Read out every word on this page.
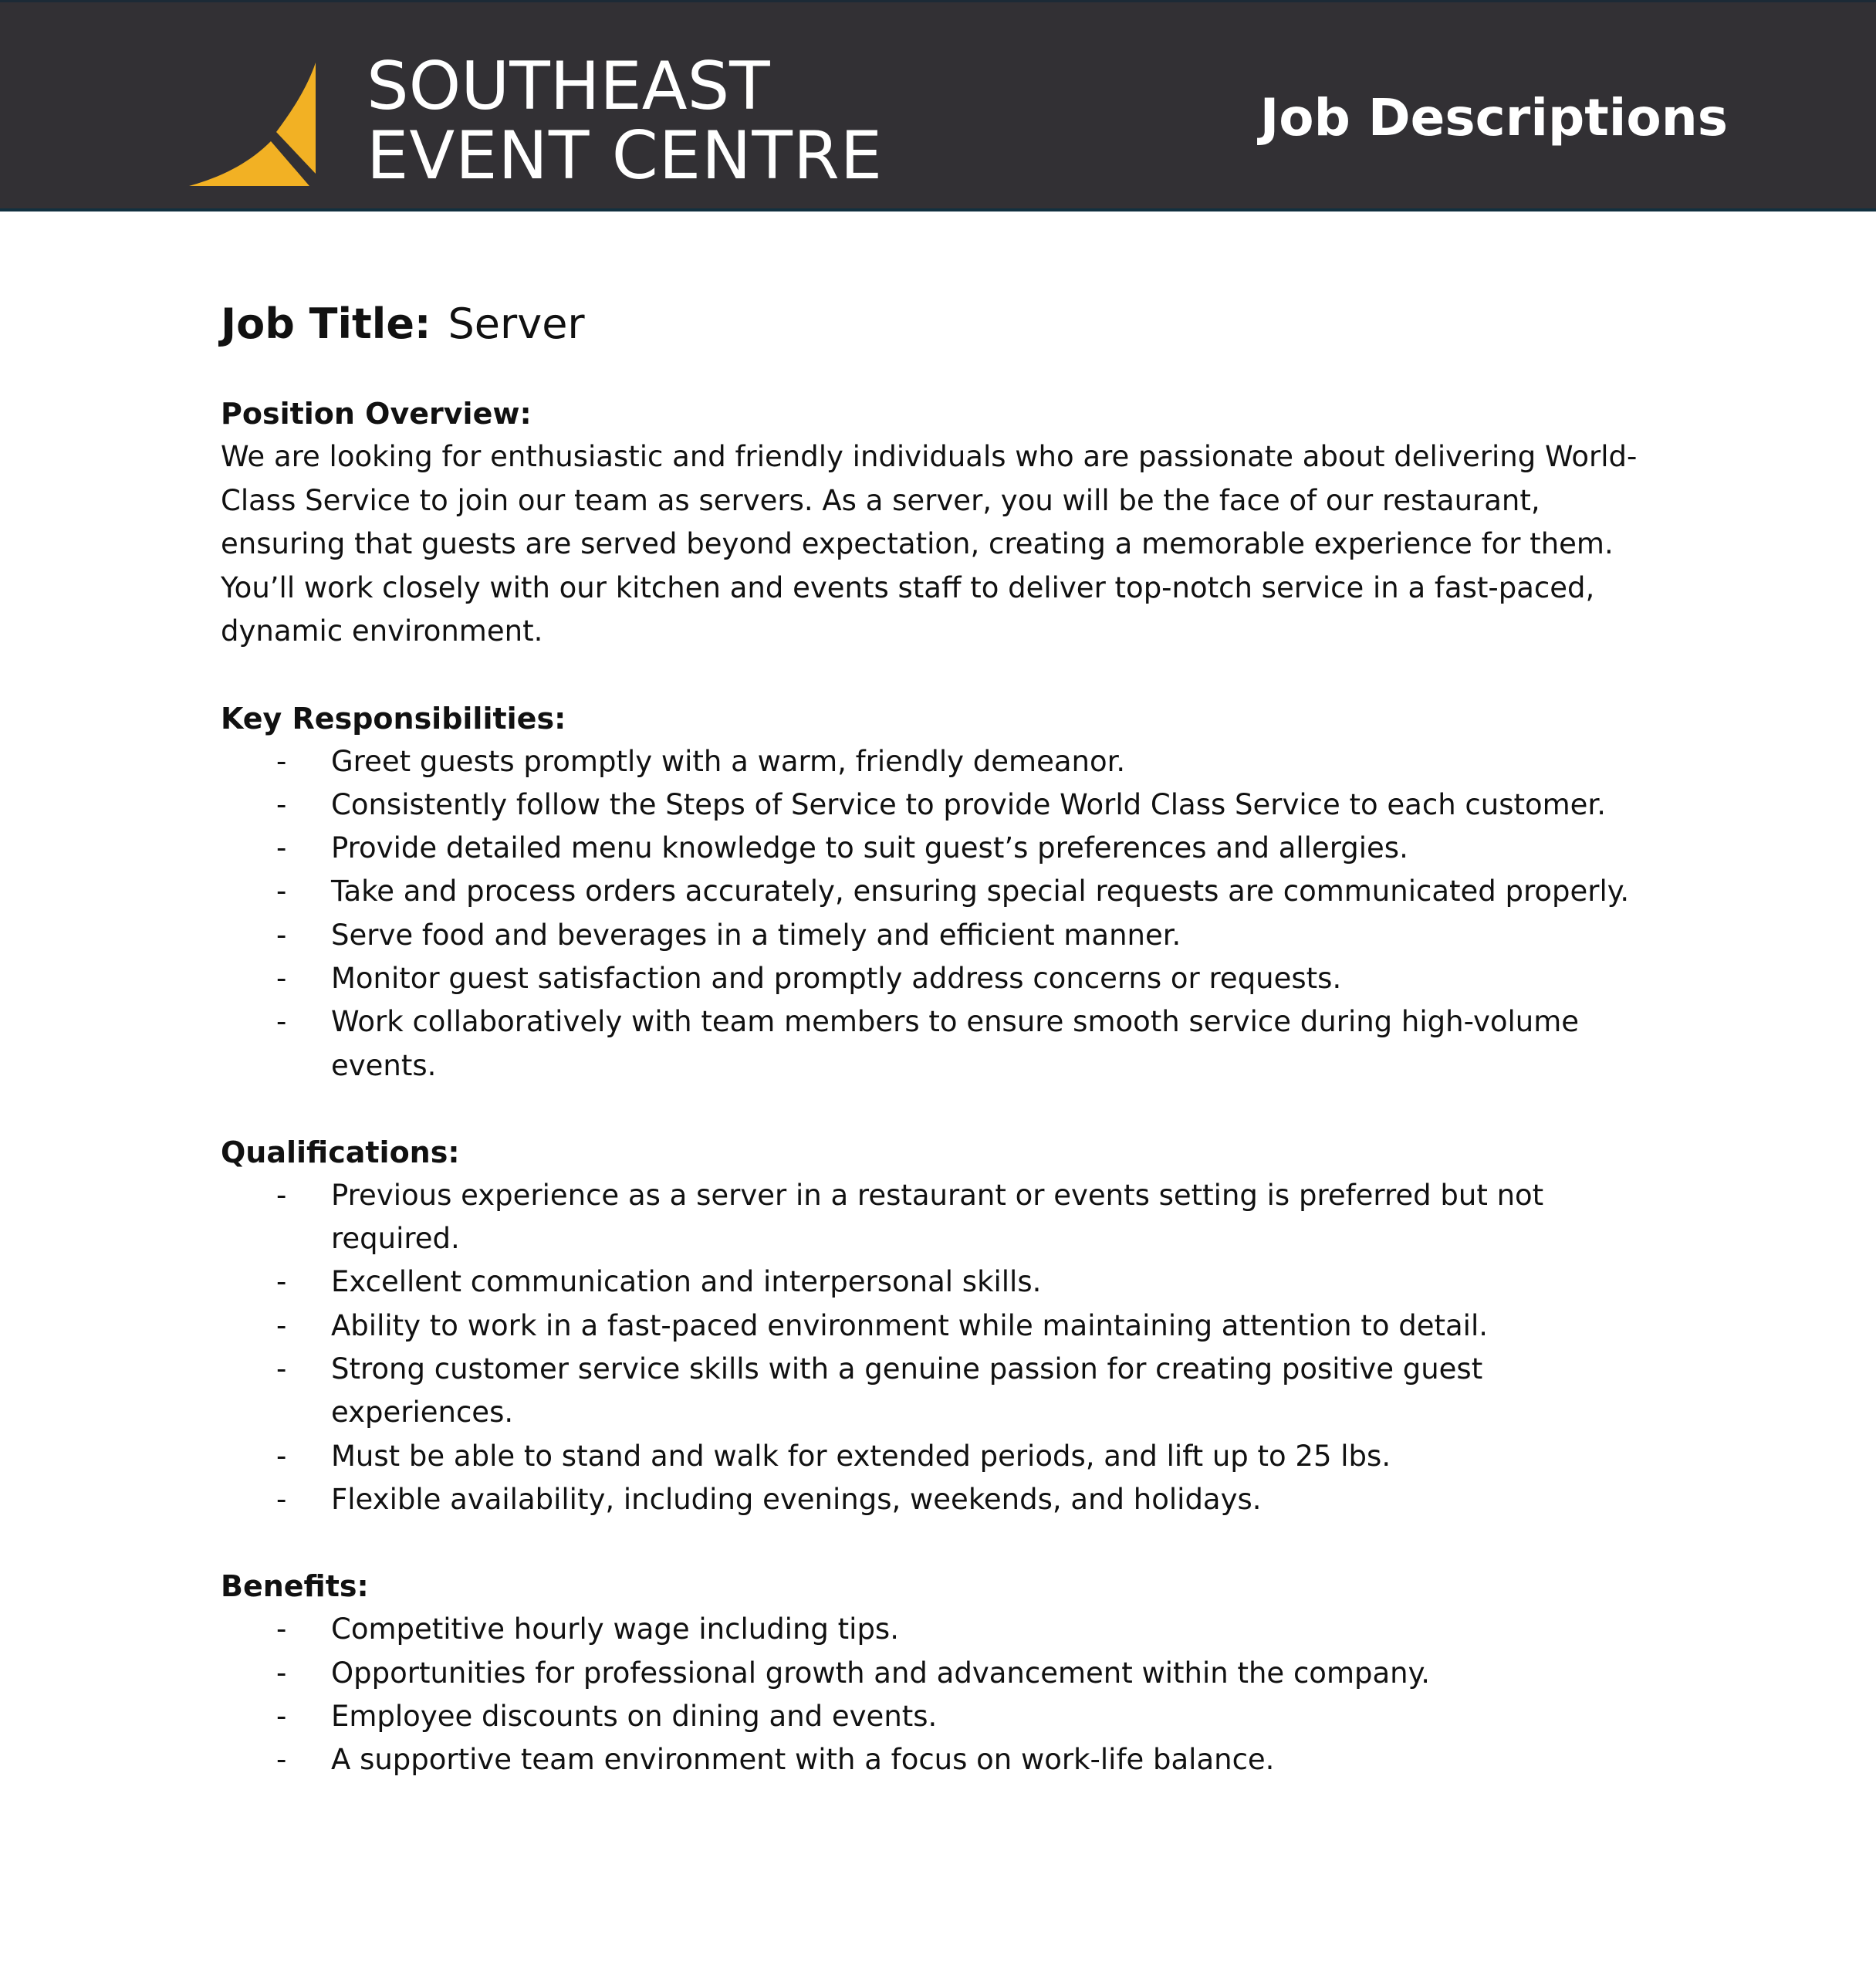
SOUTHEAST
EVENT CENTRE	Job Descriptions
Job Title: Server
Position Overview:

We are looking for enthusiastic and friendly individuals who are passionate about delivering World-Class Service to join our team as servers. As a server, you will be the face of our restaurant, ensuring that guests are served beyond expectation, creating a memorable experience for them. You’ll work closely with our kitchen and events staff to deliver top-notch service in a fast-paced, dynamic environment.

Key Responsibilities:
- Greet guests promptly with a warm, friendly demeanor.
- Consistently follow the Steps of Service to provide World Class Service to each customer.
- Provide detailed menu knowledge to suit guest’s preferences and allergies.
- Take and process orders accurately, ensuring special requests are communicated properly.
- Serve food and beverages in a timely and efficient manner.
- Monitor guest satisfaction and promptly address concerns or requests.
- Work collaboratively with team members to ensure smooth service during high-volume events.
Qualifications:
- Previous experience as a server in a restaurant or events setting is preferred but not required.
- Excellent communication and interpersonal skills.
- Ability to work in a fast-paced environment while maintaining attention to detail.
- Strong customer service skills with a genuine passion for creating positive guest experiences.
- Must be able to stand and walk for extended periods, and lift up to 25 lbs.
- Flexible availability, including evenings, weekends, and holidays.
Benefits:
- Competitive hourly wage including tips.
- Opportunities for professional growth and advancement within the company.
- Employee discounts on dining and events.
- A supportive team environment with a focus on work-life balance.
